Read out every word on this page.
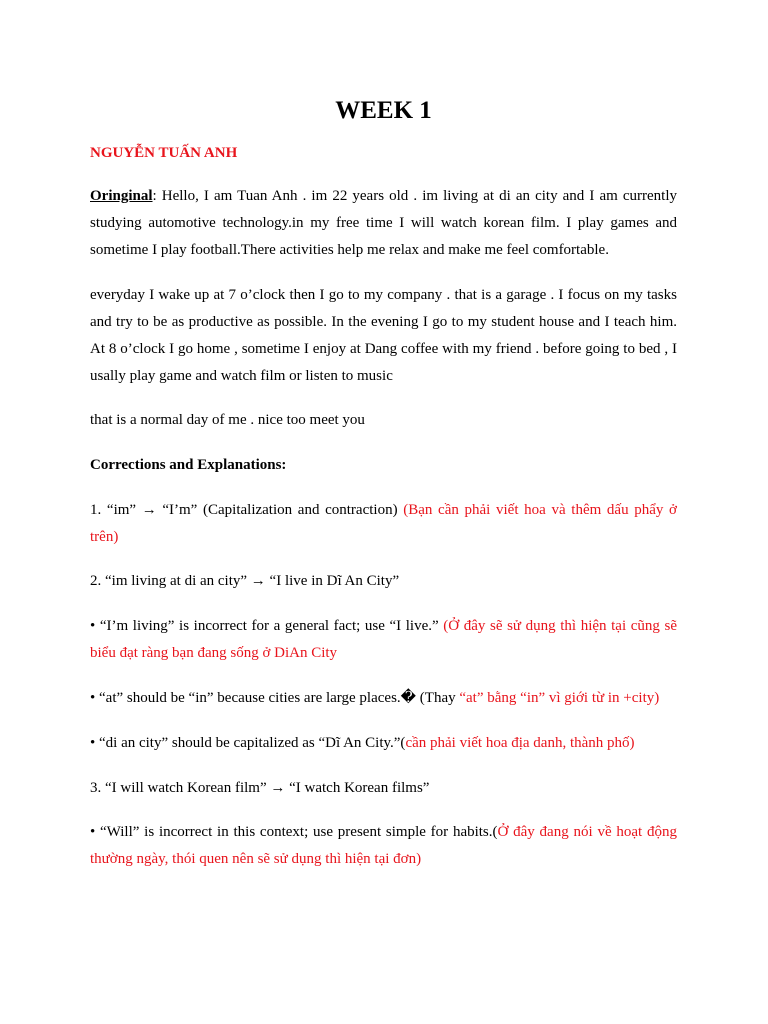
WEEK 1
NGUYỄN TUẤN ANH

Oringinal: Hello, I am Tuan Anh . im 22 years old . im living at di an city and I am currently studying automotive technology.in my free time I will watch korean film. I play games and sometime I play football.There activities help me relax and make me feel comfortable.

everyday I wake up at 7 o’clock then I go to my company . that is a garage . I focus on my tasks and try to be as productive as possible. In the evening I go to my student house and I teach him. At 8 o’clock I go home , sometime I enjoy at Dang coffee with my friend . before going to bed , I usally play game and watch film or listen to music

that is a normal day of me . nice too meet you

Corrections and Explanations:

1. “im” → “I’m” (Capitalization and contraction) (Bạn cần phải viết hoa và thêm dấu phẩy ở trên)

2. “im living at di an city” → “I live in Dĩ An City”

• “I’m living” is incorrect for a general fact; use “I live.” (Ở đây sẽ sử dụng thì hiện tại cũng sẽ biểu đạt ràng bạn đang sống ở DiAn City

• “at” should be “in” because cities are large places.� (Thay “at” bằng “in” vì giới từ in +city)

• “di an city” should be capitalized as “Dĩ An City.”(cần phải viết hoa địa danh, thành phố)

3. “I will watch Korean film” → “I watch Korean films”

• “Will” is incorrect in this context; use present simple for habits.(Ở đây đang nói về hoạt động thường ngày, thói quen nên sẽ sử dụng thì hiện tại đơn)
